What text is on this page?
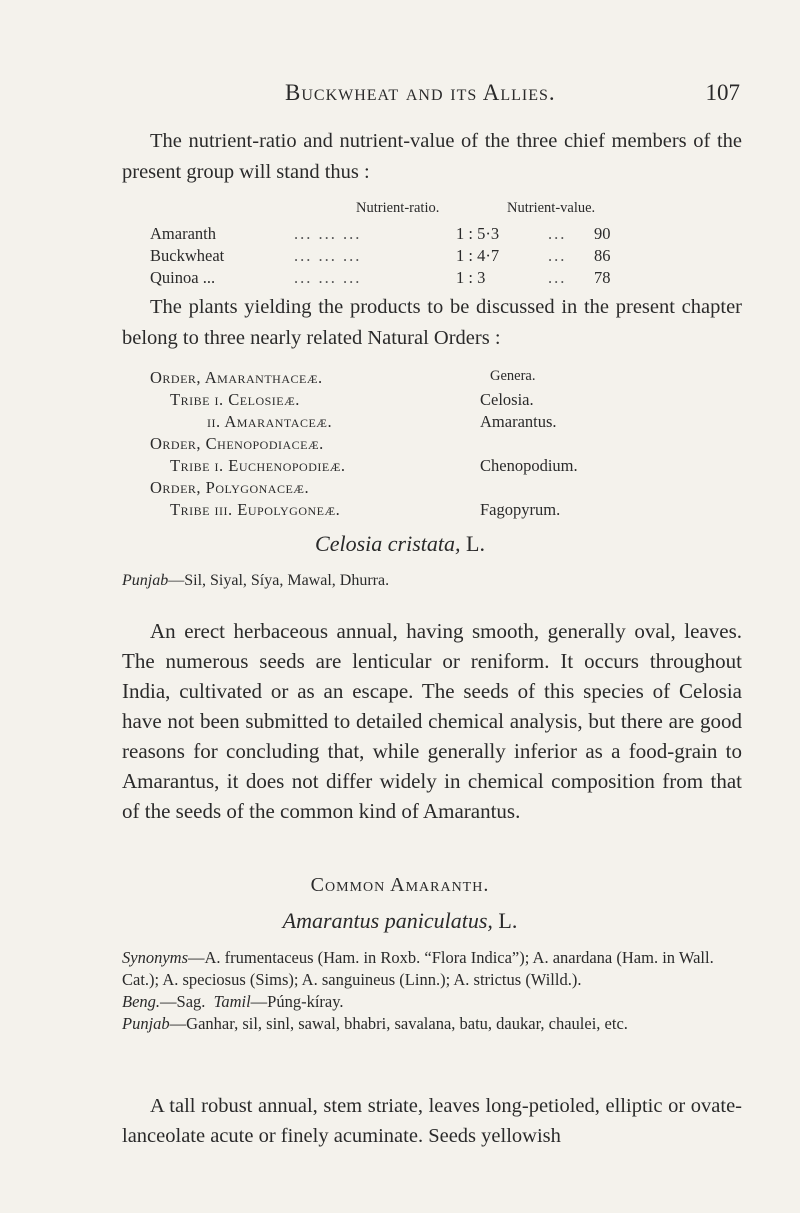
Buckwheat and its Allies.	107
The nutrient-ratio and nutrient-value of the three chief members of the present group will stand thus :
Nutrient-ratio.	Nutrient-value.
Amaranth	... ... ...	1 : 5·3	... 90
Buckwheat	... ... ...	1 : 4·7	... 86
Quinoa ...	... ... ...	1 : 3	... 78
The plants yielding the products to be discussed in the present chapter belong to three nearly related Natural Orders :
Genera.
Order, Amaranthaceæ.
Tribe i. Celosieæ.	Celosia.
ii. Amarantaceæ.	Amarantus.
Order, Chenopodiaceæ.
Tribe i. Euchenopodieæ.	Chenopodium.
Order, Polygonaceæ.
Tribe iii. Eupolygoneæ.	Fagopyrum.
Celosia cristata, L.
Punjab—Sil, Siyal, Síya, Mawal, Dhurra.
An erect herbaceous annual, having smooth, generally oval, leaves. The numerous seeds are lenticular or reniform. It occurs throughout India, cultivated or as an escape. The seeds of this species of Celosia have not been submitted to detailed chemical analysis, but there are good reasons for concluding that, while generally inferior as a food-grain to Amarantus, it does not differ widely in chemical composition from that of the seeds of the common kind of Amarantus.
Common Amaranth.
Amarantus paniculatus, L.
Synonyms—A. frumentaceus (Ham. in Roxb. “Flora Indica”); A. anardana (Ham. in Wall. Cat.); A. speciosus (Sims); A. sanguineus (Linn.); A. strictus (Willd.).
Beng.—Sag. Tamil—Púng-kíray.
Punjab—Ganhar, sil, sinl, sawal, bhabri, savalana, batu, daukar, chaulei, etc.
A tall robust annual, stem striate, leaves long-petioled, elliptic or ovate-lanceolate acute or finely acuminate. Seeds yellowish
